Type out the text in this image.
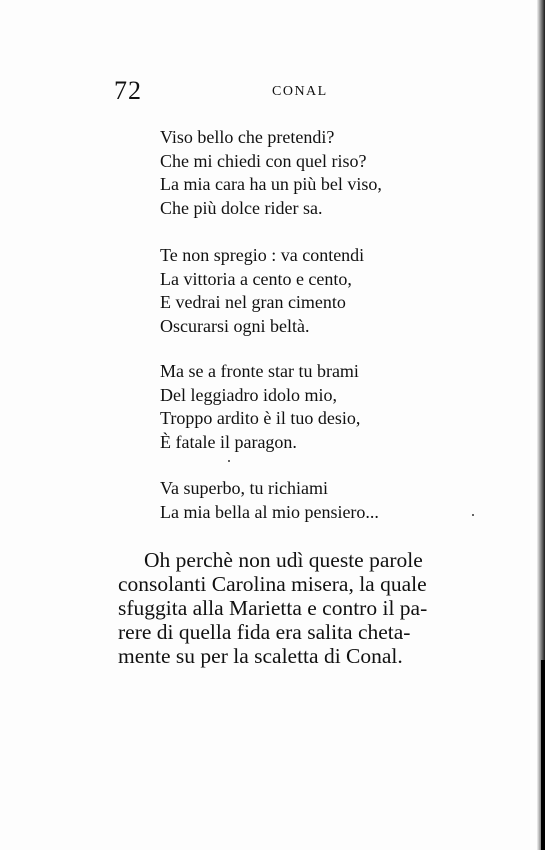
72	CONAL
Viso bello che pretendi?
Che mi chiedi con quel riso?
La mia cara ha un più bel viso,
Che più dolce rider sa.
Te non spregio : va contendi
La vittoria a cento e cento,
E vedrai nel gran cimento
Oscurarsi ogni beltà.
Ma se a fronte star tu brami
Del leggiadro idolo mio,
Troppo ardito è il tuo desio,
È fatale il paragon.
Va superbo, tu richiami
La mia bella al mio pensiero...
Oh perchè non udì queste parole
consolanti Carolina misera, la quale
sfuggita alla Marietta e contro il pa-
rere di quella fida era salita cheta-
mente su per la scaletta di Conal.
